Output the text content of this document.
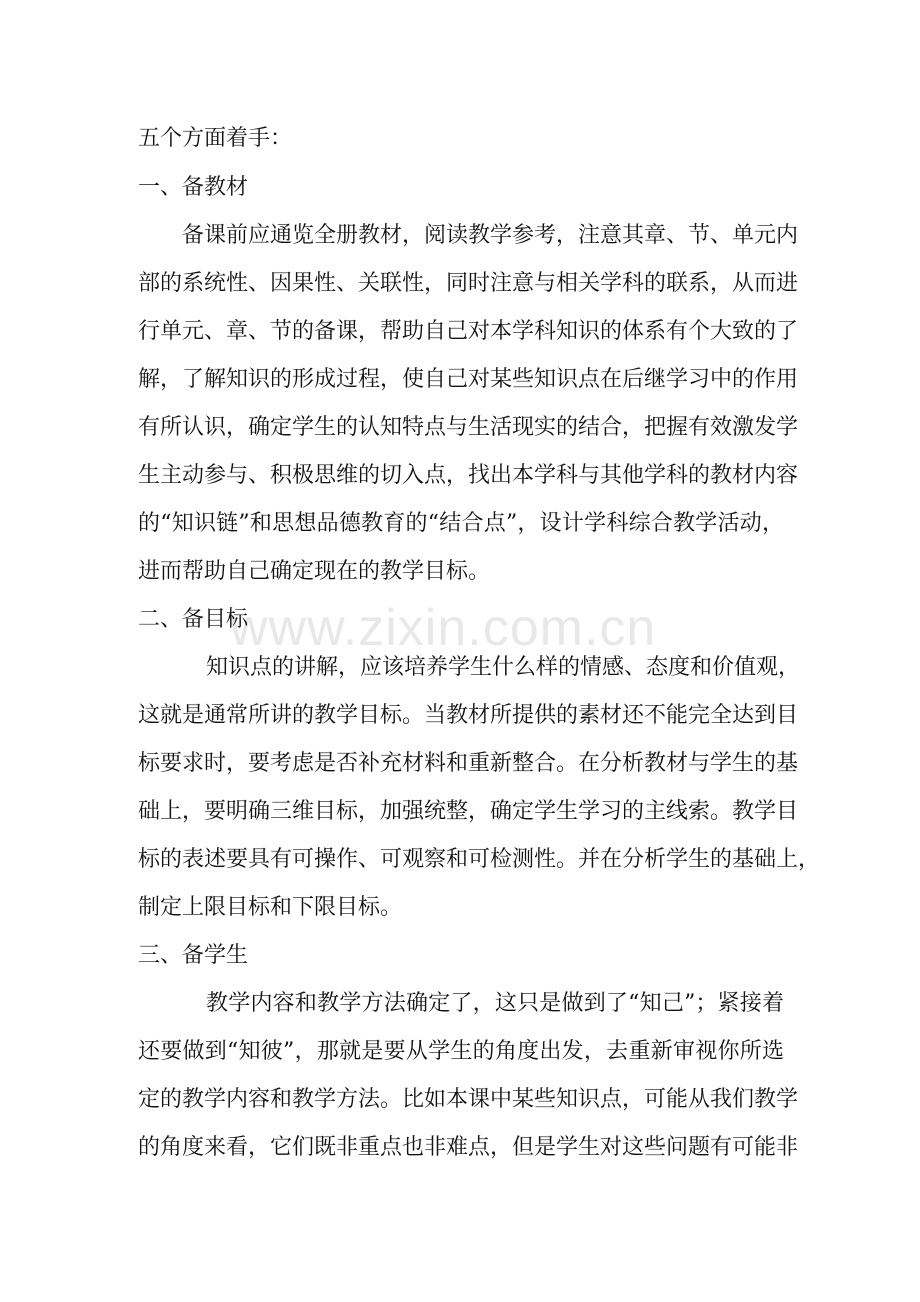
www.zixin.com.cn
五个方面着手：
一、备教材
备课前应通览全册教材，阅读教学参考，注意其章、节、单元内
部的系统性、因果性、关联性，同时注意与相关学科的联系，从而进
行单元、章、节的备课，帮助自己对本学科知识的体系有个大致的了
解，了解知识的形成过程，使自己对某些知识点在后继学习中的作用
有所认识，确定学生的认知特点与生活现实的结合，把握有效激发学
生主动参与、积极思维的切入点，找出本学科与其他学科的教材内容
的“知识链”和思想品德教育的“结合点”，设计学科综合教学活动，
进而帮助自己确定现在的教学目标。
二、备目标
知识点的讲解，应该培养学生什么样的情感、态度和价值观，
这就是通常所讲的教学目标。当教材所提供的素材还不能完全达到目
标要求时，要考虑是否补充材料和重新整合。在分析教材与学生的基
础上，要明确三维目标，加强统整，确定学生学习的主线索。教学目
标的表述要具有可操作、可观察和可检测性。并在分析学生的基础上，
制定上限目标和下限目标。
三、备学生
教学内容和教学方法确定了，这只是做到了“知己”；紧接着
还要做到“知彼”，那就是要从学生的角度出发，去重新审视你所选
定的教学内容和教学方法。比如本课中某些知识点，可能从我们教学
的角度来看，它们既非重点也非难点，但是学生对这些问题有可能非
